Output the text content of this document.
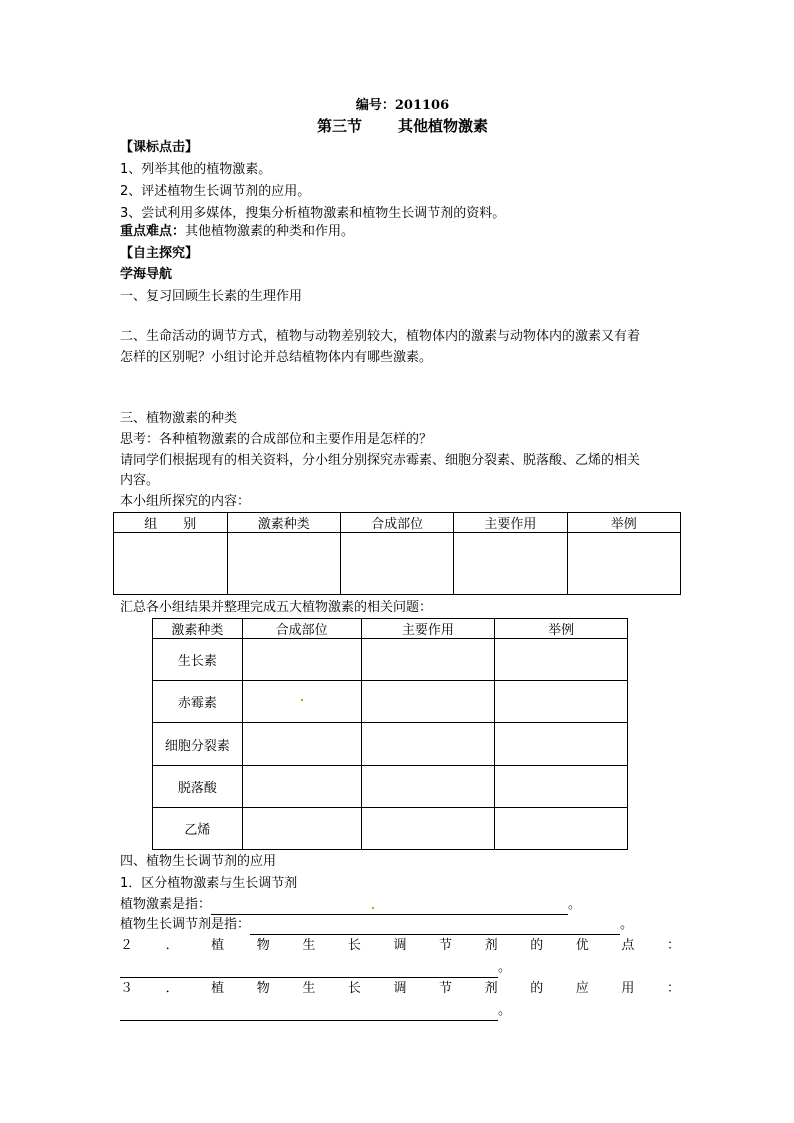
编号：201106
第三节 其他植物激素
【课标点击】
1、列举其他的植物激素。
2、评述植物生长调节剂的应用。
3、尝试利用多媒体，搜集分析植物激素和植物生长调节剂的资料。
重点难点：其他植物激素的种类和作用。
【自主探究】
学海导航
一、复习回顾生长素的生理作用
二、生命活动的调节方式，植物与动物差别较大，植物体内的激素与动物体内的激素又有着
怎样的区别呢？小组讨论并总结植物体内有哪些激素。
三、植物激素的种类
思考：各种植物激素的合成部位和主要作用是怎样的？
请同学们根据现有的相关资料，分小组分别探究赤霉素、细胞分裂素、脱落酸、乙烯的相关
内容。
本小组所探究的内容：
组　　别	激素种类	合成部位	主要作用	举例

汇总各小组结果并整理完成五大植物激素的相关问题：
激素种类	合成部位	主要作用	举例
生长素			
赤霉素			
细胞分裂素			
脱落酸			
乙烯			
四、植物生长调节剂的应用
1．区分植物激素与生长调节剂
植物激素是指：	。
植物生长调节剂是指：	。
２	．	植	物	生	长	调	节	剂	的	优	点	：
。
３	．	植	物	生	长	调	节	剂	的	应	用	：
。
